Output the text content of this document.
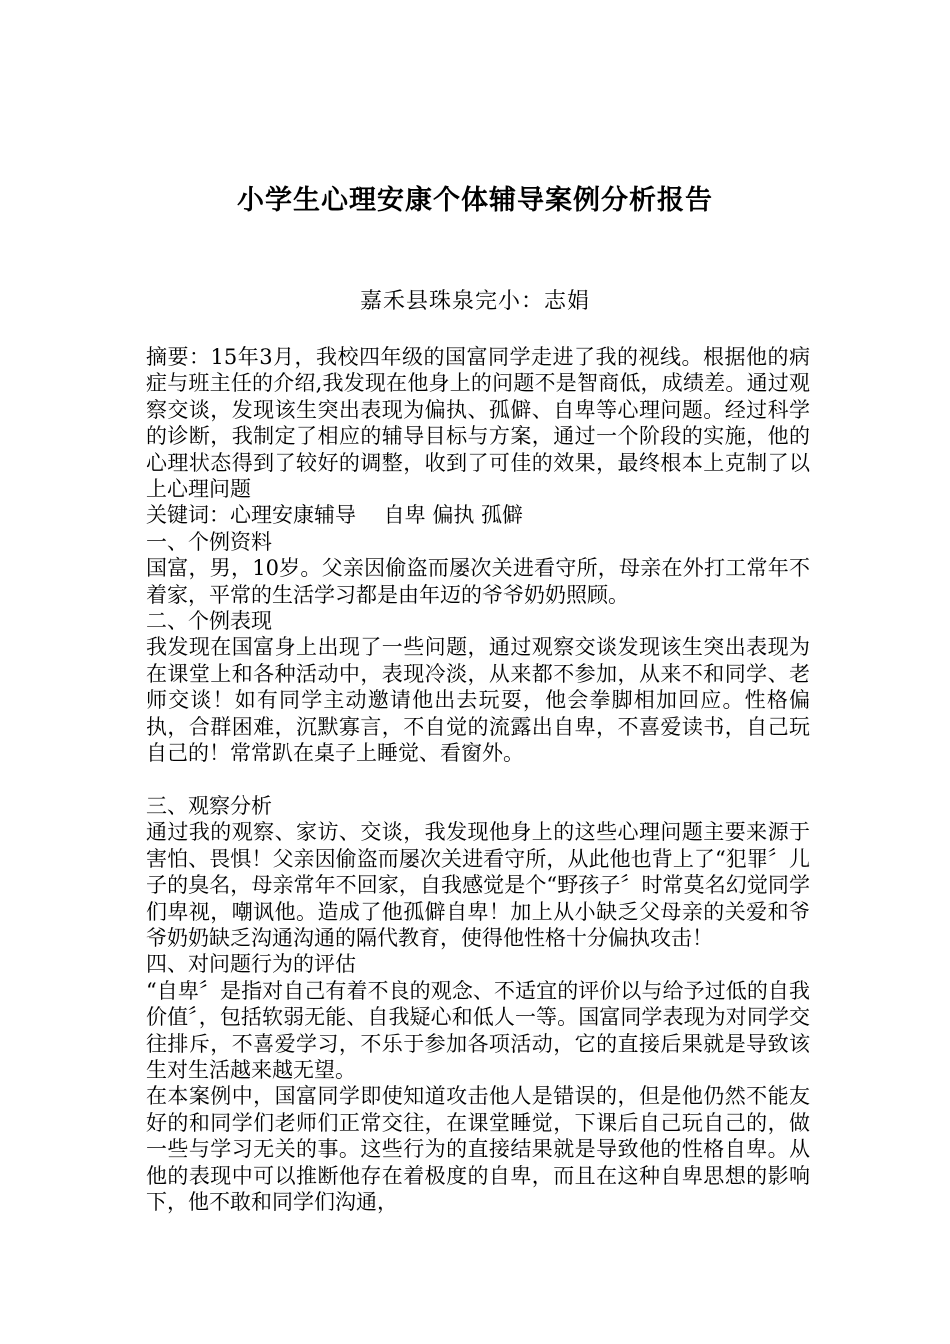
小学生心理安康个体辅导案例分析报告
嘉禾县珠泉完小：志娟

摘要：15年3月，我校四年级的国富同学走进了我的视线。根据他的病症与班主任的介绍,我发现在他身上的问题不是智商低，成绩差。通过观察交谈，发现该生突出表现为偏执、孤僻、自卑等心理问题。经过科学的诊断，我制定了相应的辅导目标与方案，通过一个阶段的实施，他的心理状态得到了较好的调整，收到了可佳的效果，最终根本上克制了以上心理问题

关键词：心理安康辅导　 自卑 偏执 孤僻

一、个例资料

国富，男，10岁。父亲因偷盗而屡次关进看守所，母亲在外打工常年不着家，平常的生活学习都是由年迈的爷爷奶奶照顾。

二、个例表现

我发现在国富身上出现了一些问题，通过观察交谈发现该生突出表现为在课堂上和各种活动中，表现冷淡，从来都不参加，从来不和同学、老师交谈！如有同学主动邀请他出去玩耍，他会拳脚相加回应。性格偏执，合群困难，沉默寡言，不自觉的流露出自卑，不喜爱读书，自己玩自己的！常常趴在桌子上睡觉、看窗外。

三、观察分析

通过我的观察、家访、交谈，我发现他身上的这些心理问题主要来源于害怕、畏惧！父亲因偷盗而屡次关进看守所，从此他也背上了“犯罪〞儿子的臭名，母亲常年不回家，自我感觉是个“野孩子〞时常莫名幻觉同学们卑视，嘲讽他。造成了他孤僻自卑！加上从小缺乏父母亲的关爱和爷爷奶奶缺乏沟通沟通的隔代教育，使得他性格十分偏执攻击！

四、对问题行为的评估

“自卑〞是指对自己有着不良的观念、不适宜的评价以与给予过低的自我价值〞，包括软弱无能、自我疑心和低人一等。国富同学表现为对同学交往排斥，不喜爱学习，不乐于参加各项活动，它的直接后果就是导致该生对生活越来越无望。

在本案例中，国富同学即使知道攻击他人是错误的，但是他仍然不能友好的和同学们老师们正常交往，在课堂睡觉，下课后自己玩自己的，做一些与学习无关的事。这些行为的直接结果就是导致他的性格自卑。从他的表现中可以推断他存在着极度的自卑，而且在这种自卑思想的影响下，他不敢和同学们沟通，
